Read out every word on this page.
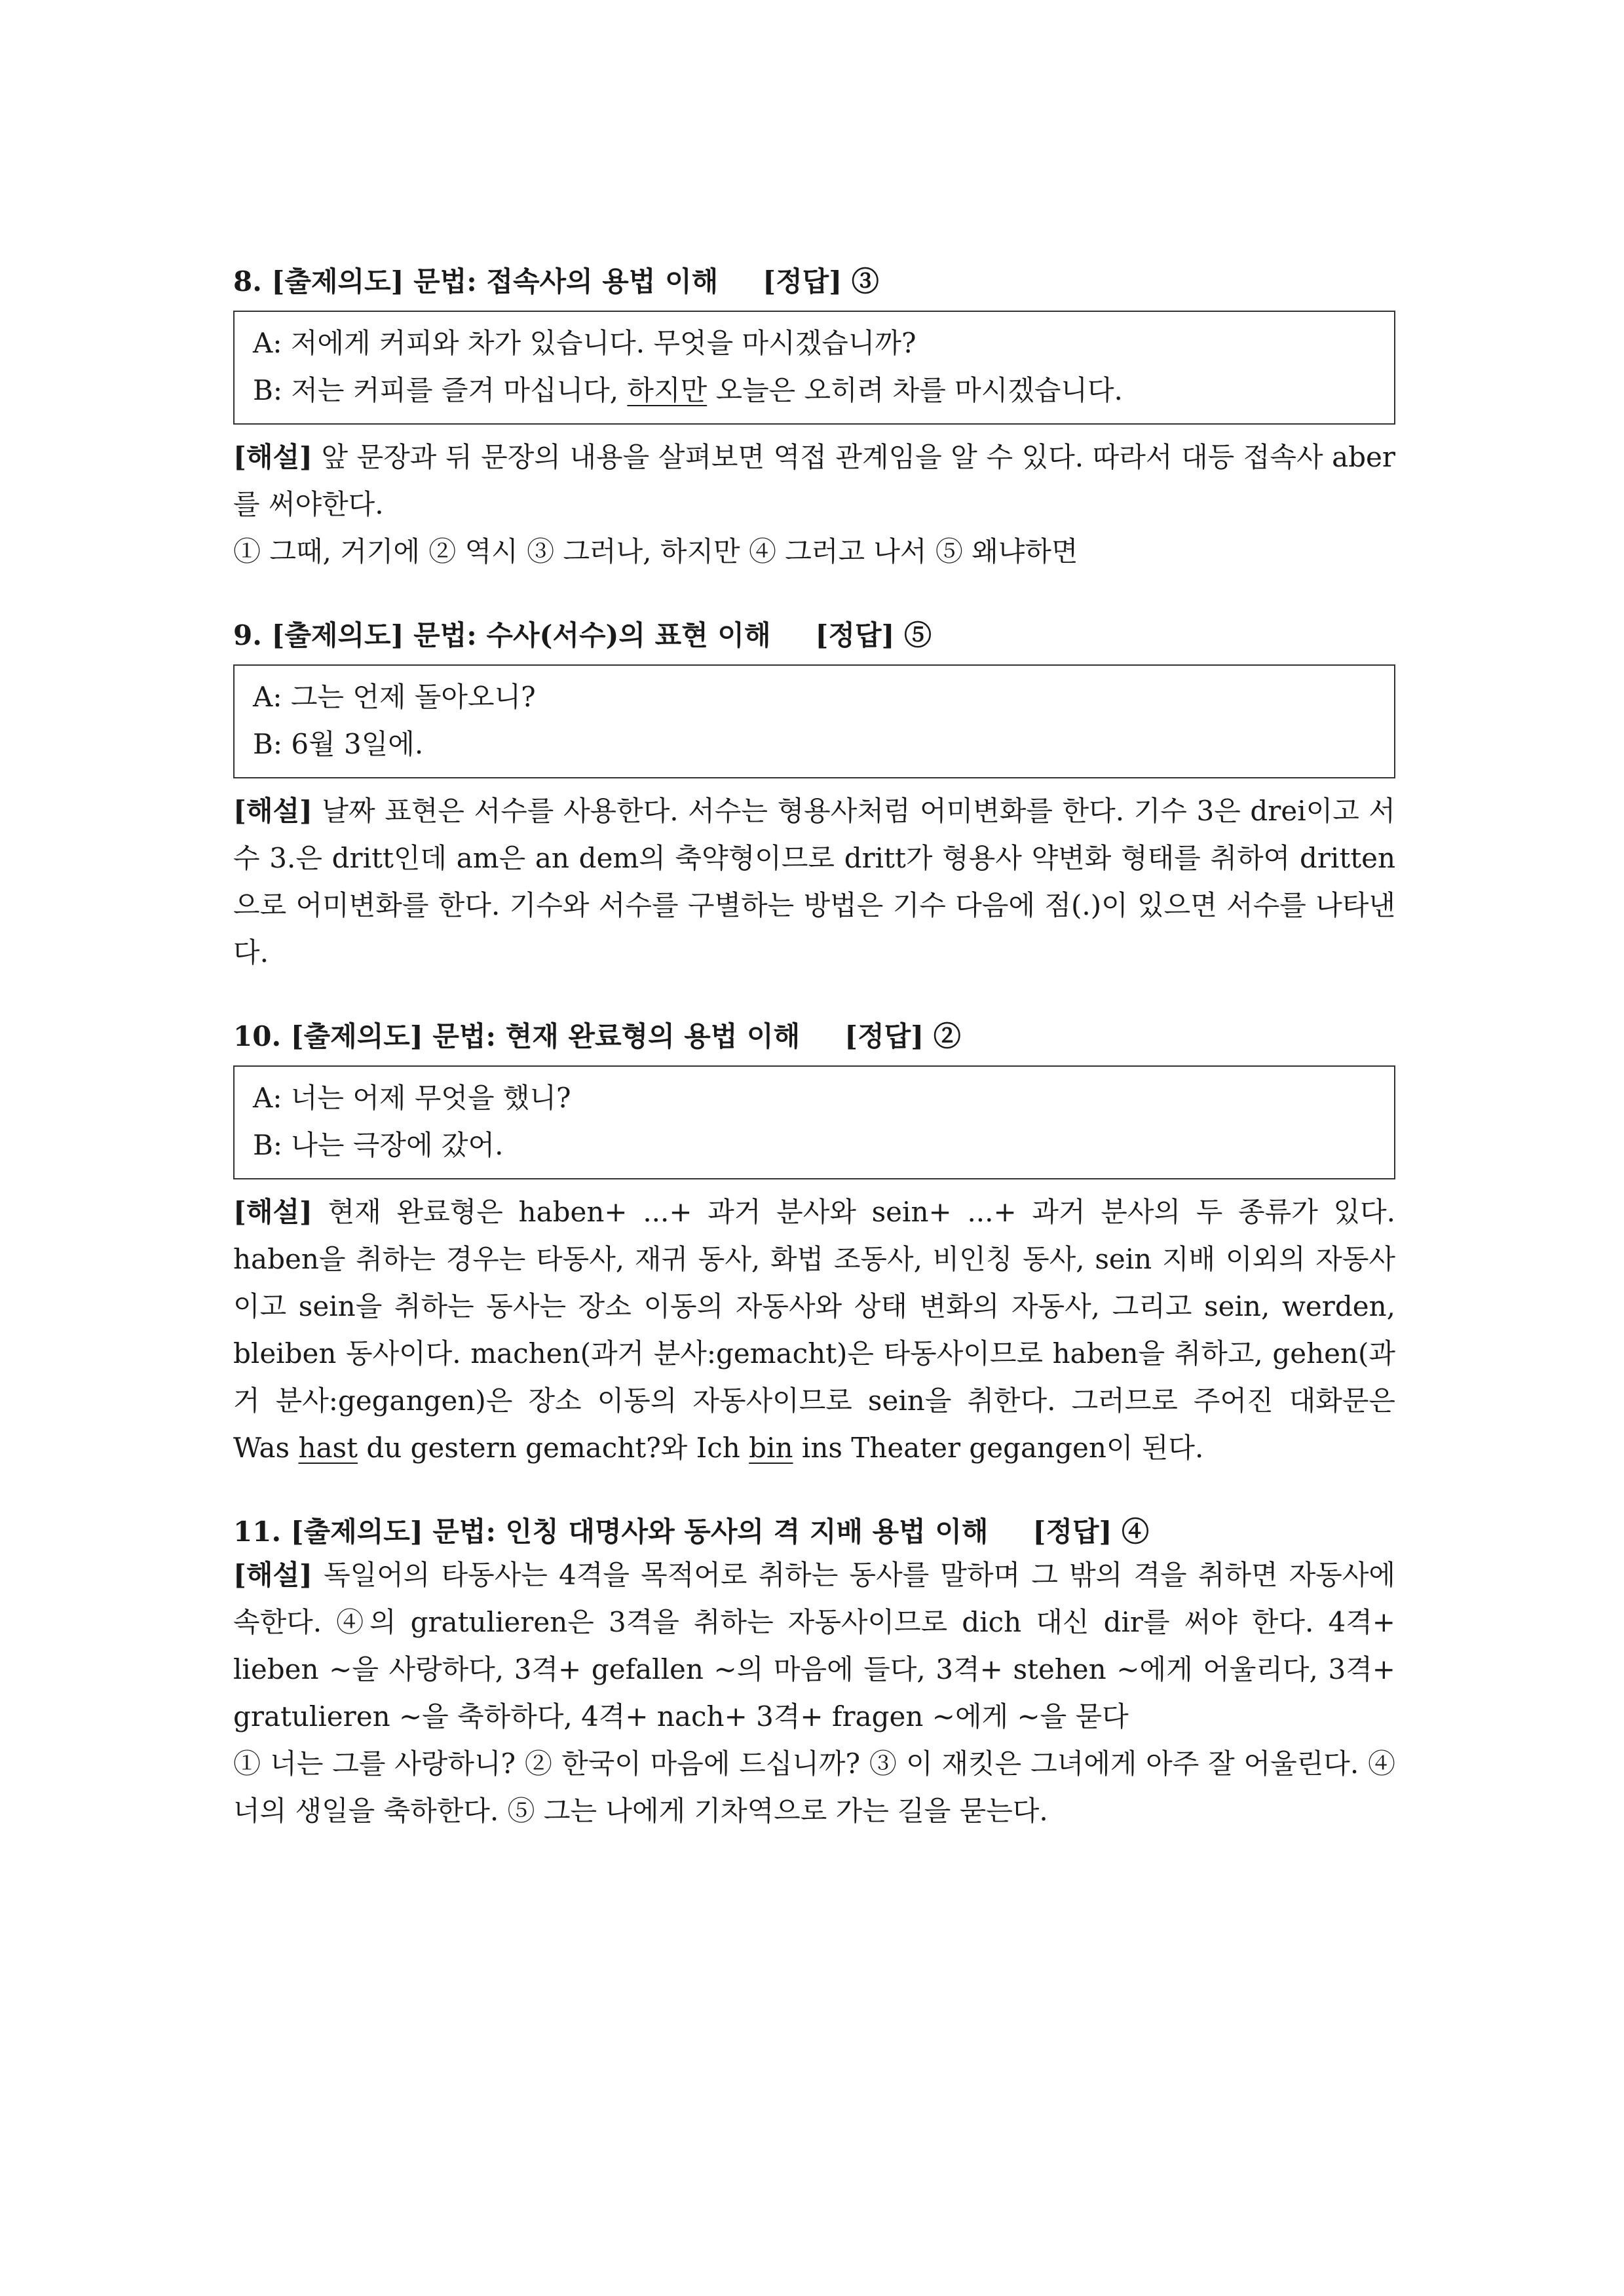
8. [출제의도] 문법: 접속사의 용법 이해 [정답] ③

A: 저에게 커피와 차가 있습니다. 무엇을 마시겠습니까?
B: 저는 커피를 즐겨 마십니다, 하지만 오늘은 오히려 차를 마시겠습니다.
[해설] 앞 문장과 뒤 문장의 내용을 살펴보면 역접 관계임을 알 수 있다. 따라서 대등 접속사 aber를 써야한다.
① 그때, 거기에 ② 역시 ③ 그러나, 하지만 ④ 그러고 나서 ⑤ 왜냐하면

9. [출제의도] 문법: 수사(서수)의 표현 이해 [정답] ⑤

A: 그는 언제 돌아오니?
B: 6월 3일에.
[해설] 날짜 표현은 서수를 사용한다. 서수는 형용사처럼 어미변화를 한다. 기수 3은 drei이고 서수 3.은 dritt인데 am은 an dem의 축약형이므로 dritt가 형용사 약변화 형태를 취하여 dritten으로 어미변화를 한다. 기수와 서수를 구별하는 방법은 기수 다음에 점(.)이 있으면 서수를 나타낸다.

10. [출제의도] 문법: 현재 완료형의 용법 이해 [정답] ②

A: 너는 어제 무엇을 했니?
B: 나는 극장에 갔어.
[해설] 현재 완료형은 haben+ ...+ 과거 분사와 sein+ ...+ 과거 분사의 두 종류가 있다. haben을 취하는 경우는 타동사, 재귀 동사, 화법 조동사, 비인칭 동사, sein 지배 이외의 자동사이고 sein을 취하는 동사는 장소 이동의 자동사와 상태 변화의 자동사, 그리고 sein, werden, bleiben 동사이다. machen(과거 분사:gemacht)은 타동사이므로 haben을 취하고, gehen(과거 분사:gegangen)은 장소 이동의 자동사이므로 sein을 취한다. 그러므로 주어진 대화문은 Was hast du gestern gemacht?와 Ich bin ins Theater gegangen이 된다.

11. [출제의도] 문법: 인칭 대명사와 동사의 격 지배 용법 이해 [정답] ④

[해설] 독일어의 타동사는 4격을 목적어로 취하는 동사를 말하며 그 밖의 격을 취하면 자동사에 속한다. ④의 gratulieren은 3격을 취하는 자동사이므로 dich 대신 dir를 써야 한다. 4격+ lieben ~을 사랑하다, 3격+ gefallen ~의 마음에 들다, 3격+ stehen ~에게 어울리다, 3격+ gratulieren ~을 축하하다, 4격+ nach+ 3격+ fragen ~에게 ~을 묻다
① 너는 그를 사랑하니? ② 한국이 마음에 드십니까? ③ 이 재킷은 그녀에게 아주 잘 어울린다. ④ 너의 생일을 축하한다. ⑤ 그는 나에게 기차역으로 가는 길을 묻는다.
